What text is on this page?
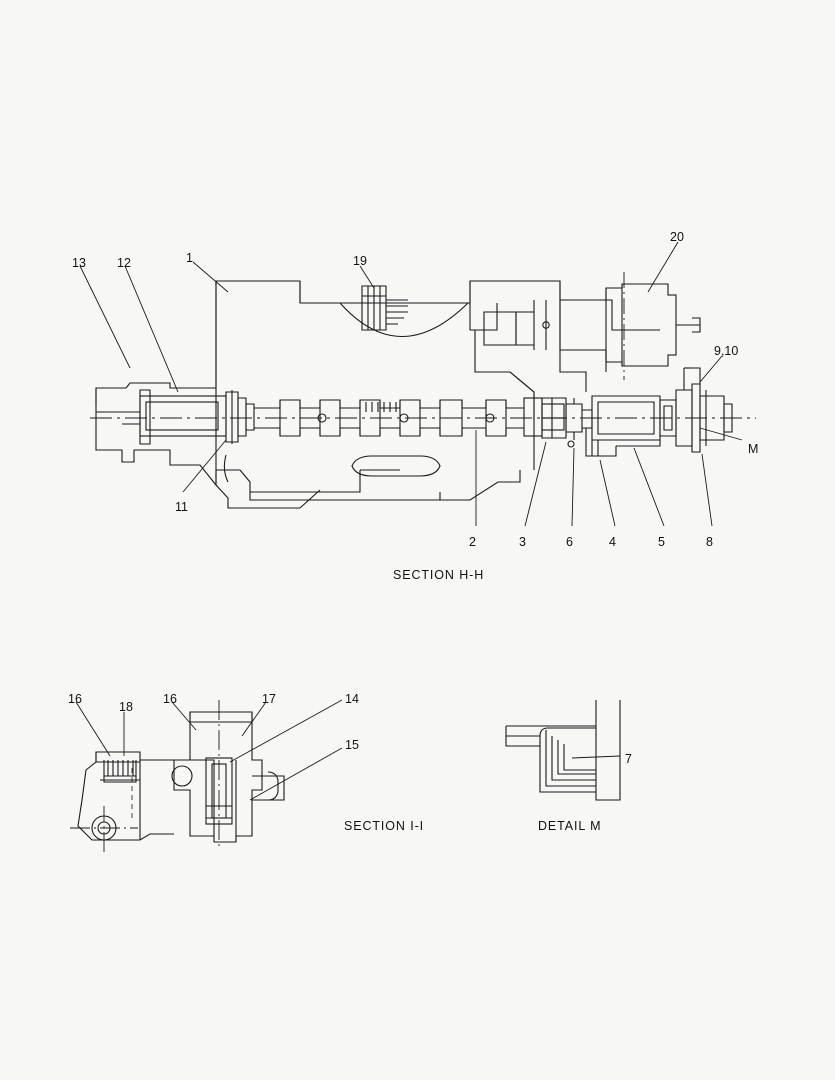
SECTION H-H
SECTION I-I	DETAIL M
13 12	1	19
20
9,10
M
11
2	3	6	4	5	8
16
18
16	17	14
15
7
